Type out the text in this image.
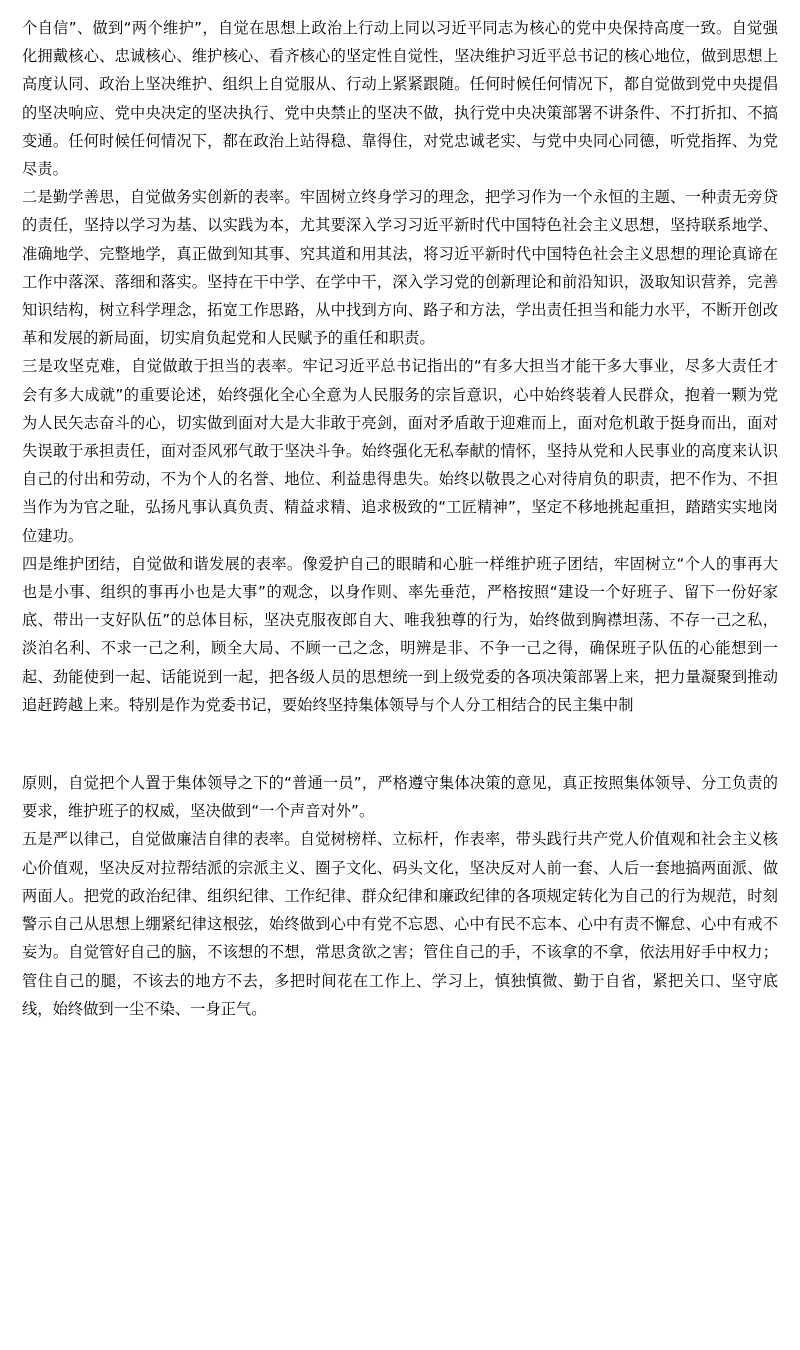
个自信”、做到“两个维护”，自觉在思想上政治上行动上同以习近平同志为核心的党中央保持高度一致。自觉强化拥戴核心、忠诚核心、维护核心、看齐核心的坚定性自觉性，坚决维护习近平总书记的核心地位，做到思想上高度认同、政治上坚决维护、组织上自觉服从、行动上紧紧跟随。任何时候任何情况下，都自觉做到党中央提倡的坚决响应、党中央决定的坚决执行、党中央禁止的坚决不做，执行党中央决策部署不讲条件、不打折扣、不搞变通。任何时候任何情况下，都在政治上站得稳、靠得住，对党忠诚老实、与党中央同心同德，听党指挥、为党尽责。

二是勤学善思，自觉做务实创新的表率。牢固树立终身学习的理念，把学习作为一个永恒的主题、一种责无旁贷的责任，坚持以学习为基、以实践为本，尤其要深入学习习近平新时代中国特色社会主义思想，坚持联系地学、准确地学、完整地学，真正做到知其事、究其道和用其法，将习近平新时代中国特色社会主义思想的理论真谛在工作中落深、落细和落实。坚持在干中学、在学中干，深入学习党的创新理论和前沿知识，汲取知识营养，完善知识结构，树立科学理念，拓宽工作思路，从中找到方向、路子和方法，学出责任担当和能力水平，不断开创改革和发展的新局面，切实肩负起党和人民赋予的重任和职责。

三是攻坚克难，自觉做敢于担当的表率。牢记习近平总书记指出的“有多大担当才能干多大事业，尽多大责任才会有多大成就”的重要论述，始终强化全心全意为人民服务的宗旨意识，心中始终装着人民群众，抱着一颗为党为人民矢志奋斗的心，切实做到面对大是大非敢于亮剑，面对矛盾敢于迎难而上，面对危机敢于挺身而出，面对失误敢于承担责任，面对歪风邪气敢于坚决斗争。始终强化无私奉献的情怀，坚持从党和人民事业的高度来认识自己的付出和劳动，不为个人的名誉、地位、利益患得患失。始终以敬畏之心对待肩负的职责，把不作为、不担当作为为官之耻，弘扬凡事认真负责、精益求精、追求极致的“工匠精神”，坚定不移地挑起重担，踏踏实实地岗位建功。

四是维护团结，自觉做和谐发展的表率。像爱护自己的眼睛和心脏一样维护班子团结，牢固树立“个人的事再大也是小事、组织的事再小也是大事”的观念，以身作则、率先垂范，严格按照“建设一个好班子、留下一份好家底、带出一支好队伍”的总体目标，坚决克服夜郎自大、唯我独尊的行为，始终做到胸襟坦荡、不存一己之私，淡泊名利、不求一己之利，顾全大局、不顾一己之念，明辨是非、不争一己之得，确保班子队伍的心能想到一起、劲能使到一起、话能说到一起，把各级人员的思想统一到上级党委的各项决策部署上来，把力量凝聚到推动追赶跨越上来。特别是作为党委书记，要始终坚持集体领导与个人分工相结合的民主集中制

原则，自觉把个人置于集体领导之下的“普通一员”，严格遵守集体决策的意见，真正按照集体领导、分工负责的要求，维护班子的权威，坚决做到“一个声音对外”。

五是严以律己，自觉做廉洁自律的表率。自觉树榜样、立标杆，作表率，带头践行共产党人价值观和社会主义核心价值观，坚决反对拉帮结派的宗派主义、圈子文化、码头文化，坚决反对人前一套、人后一套地搞两面派、做两面人。把党的政治纪律、组织纪律、工作纪律、群众纪律和廉政纪律的各项规定转化为自己的行为规范，时刻警示自己从思想上绷紧纪律这根弦，始终做到心中有党不忘恩、心中有民不忘本、心中有责不懈怠、心中有戒不妄为。自觉管好自己的脑，不该想的不想，常思贪欲之害；管住自己的手，不该拿的不拿，依法用好手中权力；管住自己的腿，不该去的地方不去，多把时间花在工作上、学习上，慎独慎微、勤于自省，紧把关口、坚守底线，始终做到一尘不染、一身正气。
